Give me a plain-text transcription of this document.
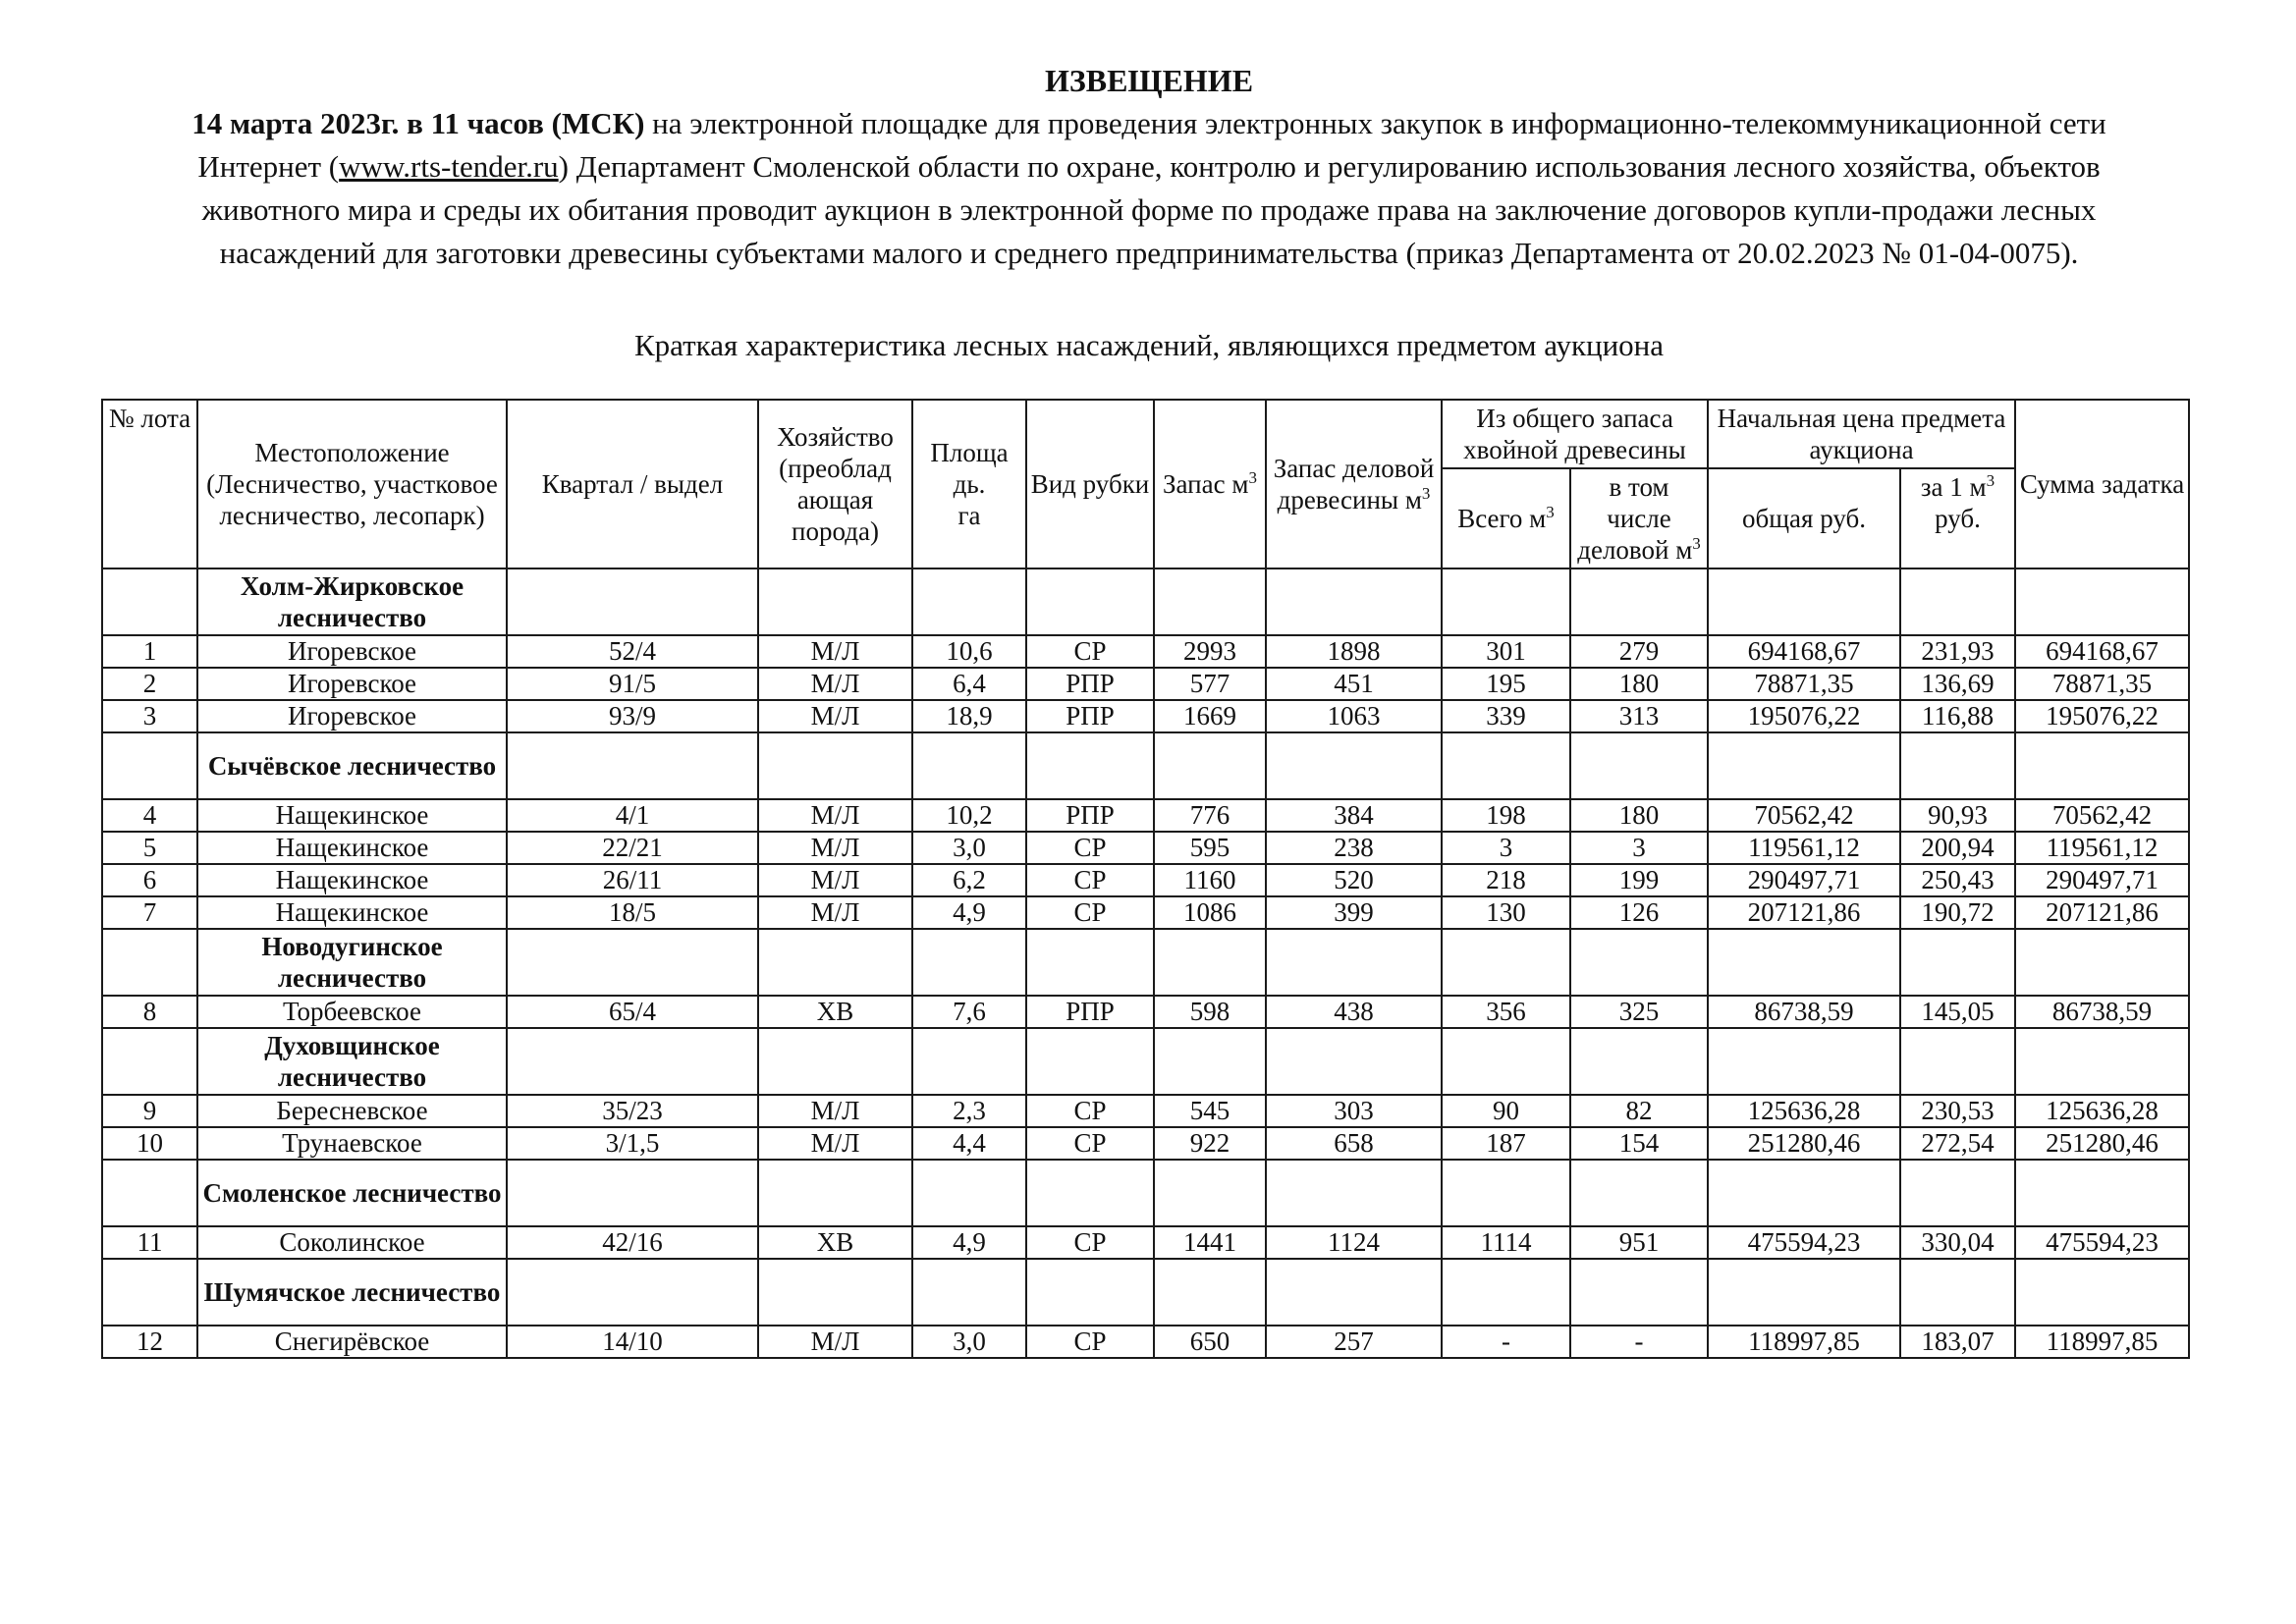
ИЗВЕЩЕНИЕ
14 марта 2023г. в 11 часов (МСК) на электронной площадке для проведения электронных закупок в информационно-телекоммуникационной сети Интернет (www.rts-tender.ru) Департамент Смоленской области по охране, контролю и регулированию использования лесного хозяйства, объектов животного мира и среды их обитания проводит аукцион в электронной форме по продаже права на заключение договоров купли-продажи лесных насаждений для заготовки древесины субъектами малого и среднего предпринимательства (приказ Департамента от 20.02.2023 № 01-04-0075).
Краткая характеристика лесных насаждений, являющихся предметом аукциона
№ лота	Местоположение (Лесничество, участковое лесничество, лесопарк)	Квартал / выдел	Хозяйство (преоблад ающая порода)	Площа
дь.
га	Вид рубки	Запас $м^3$	Запас деловой древесины $м^3$	Из общего запаса хвойной древесины		Начальная цена предмета аукциона		Сумма задатка
								Всего $м^3$	в том числе деловой $м^3$	общая руб.	за 1 $м^3$
руб.	
	Холм-Жирковское лесничество											
1	Игоревское	52/4	М/Л	10,6	СР	2993	1898	301	279	694168,67	231,93	694168,67
2	Игоревское	91/5	М/Л	6,4	РПР	577	451	195	180	78871,35	136,69	78871,35
3	Игоревское	93/9	М/Л	18,9	РПР	1669	1063	339	313	195076,22	116,88	195076,22
	Сычёвское лесничество											
4	Нащекинское	4/1	М/Л	10,2	РПР	776	384	198	180	70562,42	90,93	70562,42
5	Нащекинское	22/21	М/Л	3,0	СР	595	238	3	3	119561,12	200,94	119561,12
6	Нащекинское	26/11	М/Л	6,2	СР	1160	520	218	199	290497,71	250,43	290497,71
7	Нащекинское	18/5	М/Л	4,9	СР	1086	399	130	126	207121,86	190,72	207121,86
	Новодугинское лесничество											
8	Торбеевское	65/4	ХВ	7,6	РПР	598	438	356	325	86738,59	145,05	86738,59
	Духовщинское лесничество											
9	Бересневское	35/23	М/Л	2,3	СР	545	303	90	82	125636,28	230,53	125636,28
10	Трунаевское	3/1,5	М/Л	4,4	СР	922	658	187	154	251280,46	272,54	251280,46
	Смоленское лесничество											
11	Соколинское	42/16	ХВ	4,9	СР	1441	1124	1114	951	475594,23	330,04	475594,23
	Шумячское лесничество											
12	Снегирёвское	14/10	М/Л	3,0	СР	650	257	-	-	118997,85	183,07	118997,85
